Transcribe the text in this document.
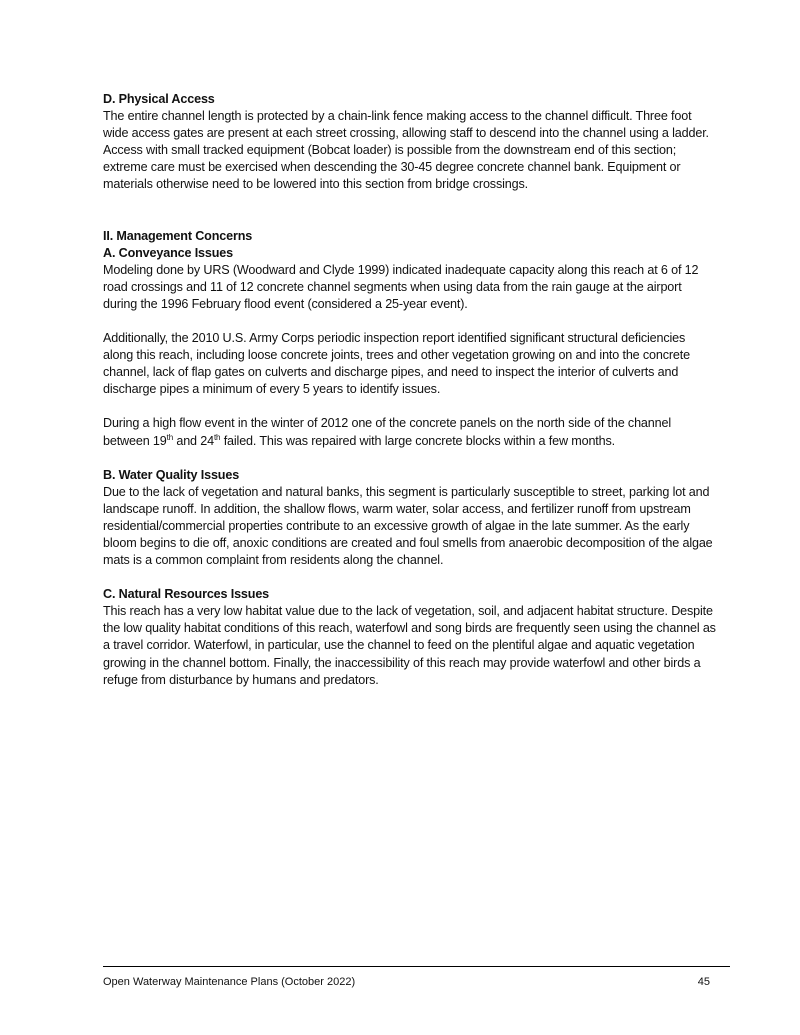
D. Physical Access

The entire channel length is protected by a chain-link fence making access to the channel difficult. Three foot wide access gates are present at each street crossing, allowing staff to descend into the channel using a ladder. Access with small tracked equipment (Bobcat loader) is possible from the downstream end of this section; extreme care must be exercised when descending the 30-45 degree concrete channel bank. Equipment or materials otherwise need to be lowered into this section from bridge crossings.

II. Management Concerns
A. Conveyance Issues

Modeling done by URS (Woodward and Clyde 1999) indicated inadequate capacity along this reach at 6 of 12 road crossings and 11 of 12 concrete channel segments when using data from the rain gauge at the airport during the 1996 February flood event (considered a 25-year event).

Additionally, the 2010 U.S. Army Corps periodic inspection report identified significant structural deficiencies along this reach, including loose concrete joints, trees and other vegetation growing on and into the concrete channel, lack of flap gates on culverts and discharge pipes, and need to inspect the interior of culverts and discharge pipes a minimum of every 5 years to identify issues.

During a high flow event in the winter of 2012 one of the concrete panels on the north side of the channel between 19th and 24th failed. This was repaired with large concrete blocks within a few months.

B. Water Quality Issues

Due to the lack of vegetation and natural banks, this segment is particularly susceptible to street, parking lot and landscape runoff. In addition, the shallow flows, warm water, solar access, and fertilizer runoff from upstream residential/commercial properties contribute to an excessive growth of algae in the late summer. As the early bloom begins to die off, anoxic conditions are created and foul smells from anaerobic decomposition of the algae mats is a common complaint from residents along the channel.

C. Natural Resources Issues

This reach has a very low habitat value due to the lack of vegetation, soil, and adjacent habitat structure. Despite the low quality habitat conditions of this reach, waterfowl and song birds are frequently seen using the channel as a travel corridor. Waterfowl, in particular, use the channel to feed on the plentiful algae and aquatic vegetation growing in the channel bottom. Finally, the inaccessibility of this reach may provide waterfowl and other birds a refuge from disturbance by humans and predators.

Open Waterway Maintenance Plans (October 2022)	45
